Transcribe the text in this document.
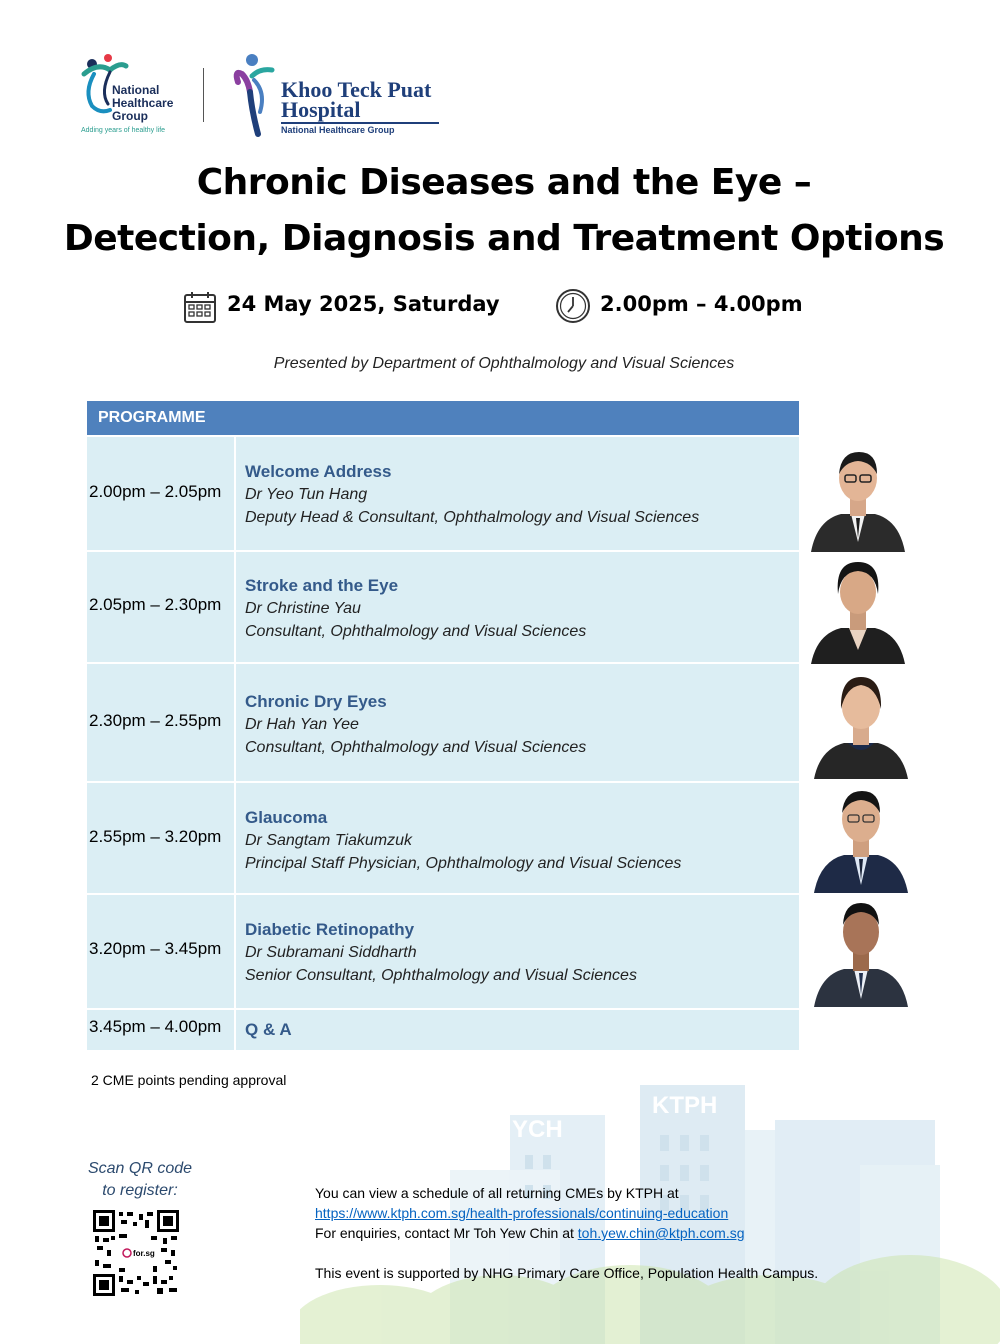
YCH
KTPH
National
Healthcare
Group
Adding years of healthy life
Khoo Teck Puat
Hospital
National Healthcare Group
Chronic Diseases and the Eye –
Detection, Diagnosis and Treatment Options
24 May 2025, Saturday	2.00pm – 4.00pm
Presented by Department of Ophthalmology and Visual Sciences
PROGRAMME
2.00pm – 2.05pm
Welcome Address
Dr Yeo Tun Hang
Deputy Head & Consultant, Ophthalmology and Visual Sciences
2.05pm – 2.30pm
Stroke and the Eye
Dr Christine Yau
Consultant, Ophthalmology and Visual Sciences
2.30pm – 2.55pm
Chronic Dry Eyes
Dr Hah Yan Yee
Consultant, Ophthalmology and Visual Sciences
2.55pm – 3.20pm
Glaucoma
Dr Sangtam Tiakumzuk
Principal Staff Physician, Ophthalmology and Visual Sciences
3.20pm – 3.45pm
Diabetic Retinopathy
Dr Subramani Siddharth
Senior Consultant, Ophthalmology and Visual Sciences
3.45pm – 4.00pm Q & A
2 CME points pending approval
Scan QR code
to register:
for.sg
You can view a schedule of all returning CMEs by KTPH at
https://www.ktph.com.sg/health-professionals/continuing-education
For enquiries, contact Mr Toh Yew Chin at toh.yew.chin@ktph.com.sg
This event is supported by NHG Primary Care Office, Population Health Campus.
